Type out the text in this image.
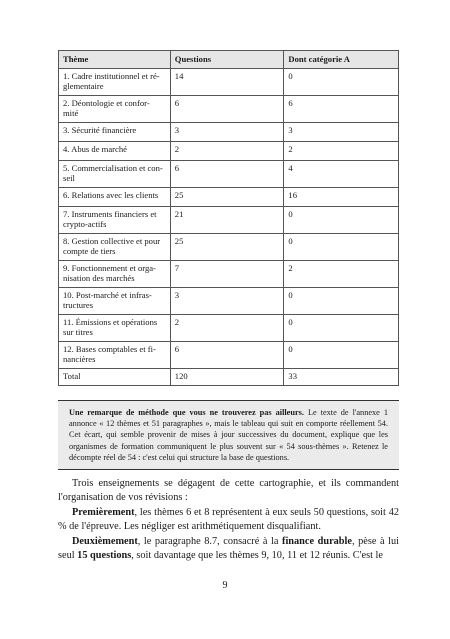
Thème	Questions	Dont catégorie A
1. Cadre institutionnel et ré-
glementaire	14	0
2. Déontologie et confor-
mité	6	6
3. Sécurité financière	3	3
4. Abus de marché	2	2
5. Commercialisation et con-
seil	6	4
6. Relations avec les clients	25	16
7. Instruments financiers et
crypto-actifs	21	0
8. Gestion collective et pour
compte de tiers	25	0
9. Fonctionnement et orga-
nisation des marchés	7	2
10. Post-marché et infras-
tructures	3	0
11. Émissions et opérations
sur titres	2	0
12. Bases comptables et fi-
nancières	6	0
Total	120	33
Une remarque de méthode que vous ne trouverez pas ailleurs. Le texte de l'annexe 1 annonce « 12 thèmes et 51 paragraphes », mais le tableau qui suit en comporte réellement 54. Cet écart, qui semble provenir de mises à jour successives du document, explique que les organismes de formation communiquent le plus souvent sur « 54 sous-thèmes ». Retenez le décompte réel de 54 : c'est celui qui structure la base de questions.

Trois enseignements se dégagent de cette cartographie, et ils commandent l'organisation de vos révisions :

Premièrement, les thèmes 6 et 8 représentent à eux seuls 50 questions, soit 42 % de l'épreuve. Les négliger est arithmétiquement disqualifiant.

Deuxièmement, le paragraphe 8.7, consacré à la finance durable, pèse à lui seul 15 questions, soit davantage que les thèmes 9, 10, 11 et 12 réunis. C'est le

9
